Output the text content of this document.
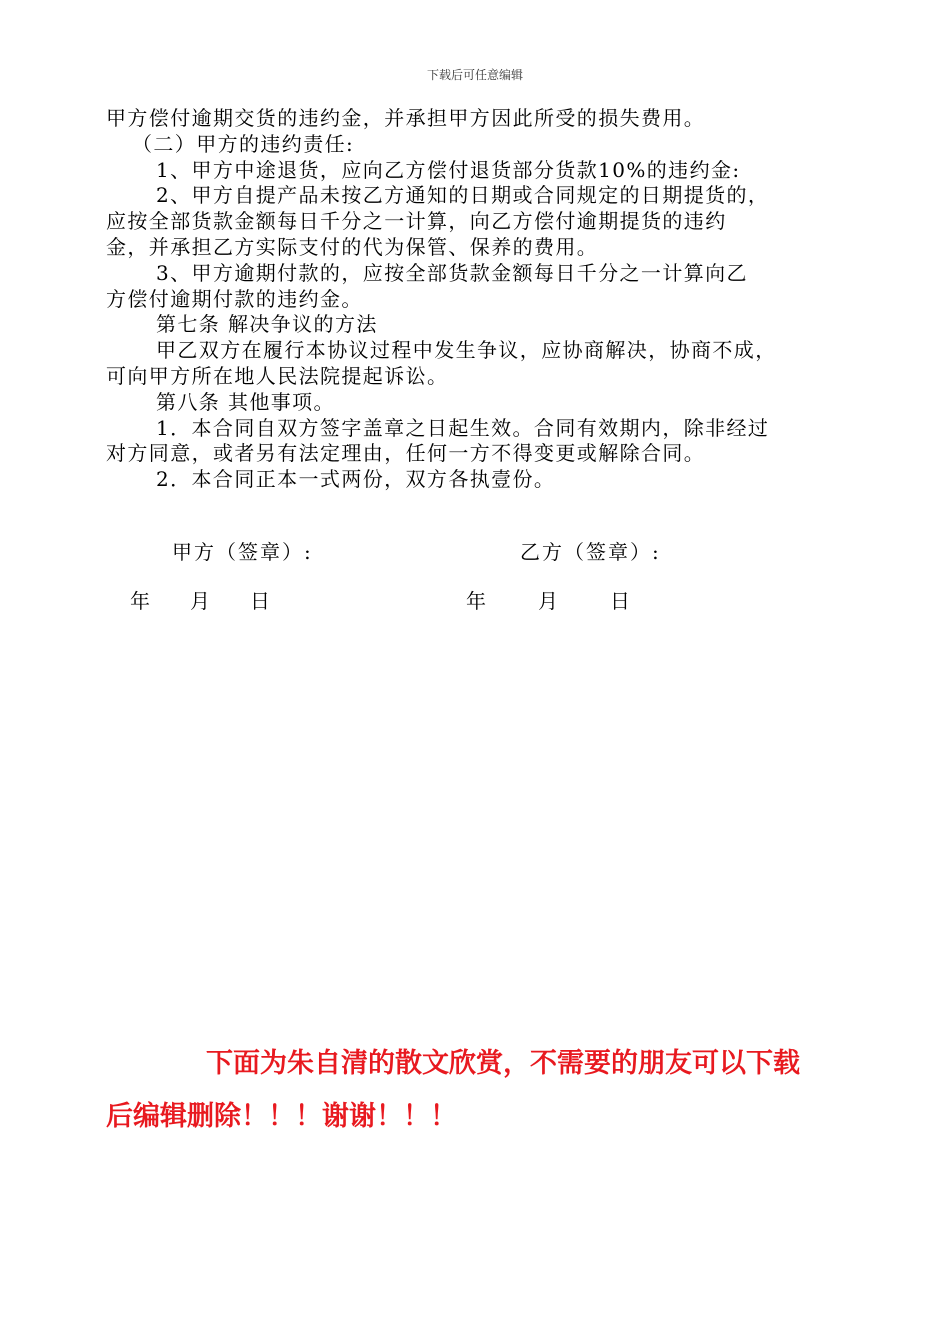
下载后可任意编辑
甲方偿付逾期交货的违约金，并承担甲方因此所受的损失费用。
（二）甲方的违约责任:
1、甲方中途退货，应向乙方偿付退货部分货款10%的违约金:
2、甲方自提产品未按乙方通知的日期或合同规定的日期提货的，
应按全部货款金额每日千分之一计算，向乙方偿付逾期提货的违约
金，并承担乙方实际支付的代为保管、保养的费用。
3、甲方逾期付款的，应按全部货款金额每日千分之一计算向乙
方偿付逾期付款的违约金。
第七条 解决争议的方法
甲乙双方在履行本协议过程中发生争议，应协商解决，协商不成，
可向甲方所在地人民法院提起诉讼。
第八条 其他事项。
1．本合同自双方签字盖章之日起生效。合同有效期内，除非经过
对方同意，或者另有法定理由，任何一方不得变更或解除合同。
2．本合同正本一式两份，双方各执壹份。
甲方（签章）:	乙方（签章）:
年 月 日	年	月	日
下面为朱自清的散文欣赏，不需要的朋友可以下载
后编辑删除！！！谢谢！！！
